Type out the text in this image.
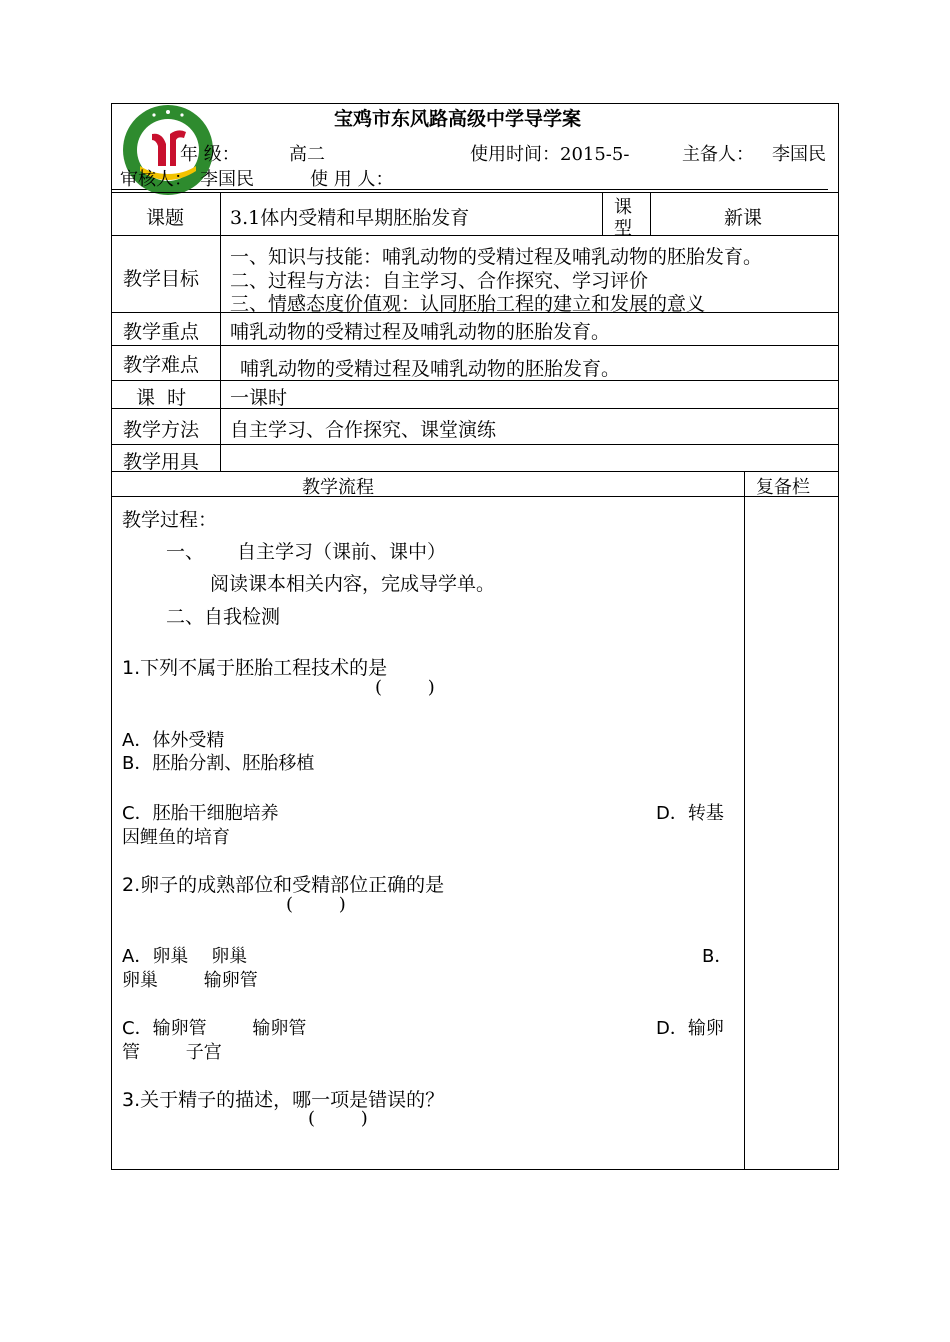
宝鸡市东风路高级中学导学案
年 级：	高二	使用时间：2015-5-	主备人： 李国民
审核人： 李国民	使 用 人：
课题 3.1体内受精和早期胚胎发育	课
型	新课
教学目标
一、知识与技能：哺乳动物的受精过程及哺乳动物的胚胎发育。
二、过程与方法：自主学习、合作探究、学习评价
三、情感态度价值观：认同胚胎工程的建立和发展的意义
教学重点 哺乳动物的受精过程及哺乳动物的胚胎发育。
教学难点 哺乳动物的受精过程及哺乳动物的胚胎发育。
课  时 一课时
教学方法 自主学习、合作探究、课堂演练
教学用具
教学流程	复备栏
教学过程：
一、 自主学习（课前、课中）
阅读课本相关内容，完成导学单。
二、自我检测
1.下列不属于胚胎工程技术的是
(        )
A．体外受精
B．胚胎分割、胚胎移植
C．胚胎干细胞培养	D．转基
因鲤鱼的培育
2.卵子的成熟部位和受精部位正确的是
(        )
A．卵巢    卵巢	B．
卵巢        输卵管
C．输卵管        输卵管	D．输卵
管        子宫
3.关于精子的描述，哪一项是错误的？
(        )
